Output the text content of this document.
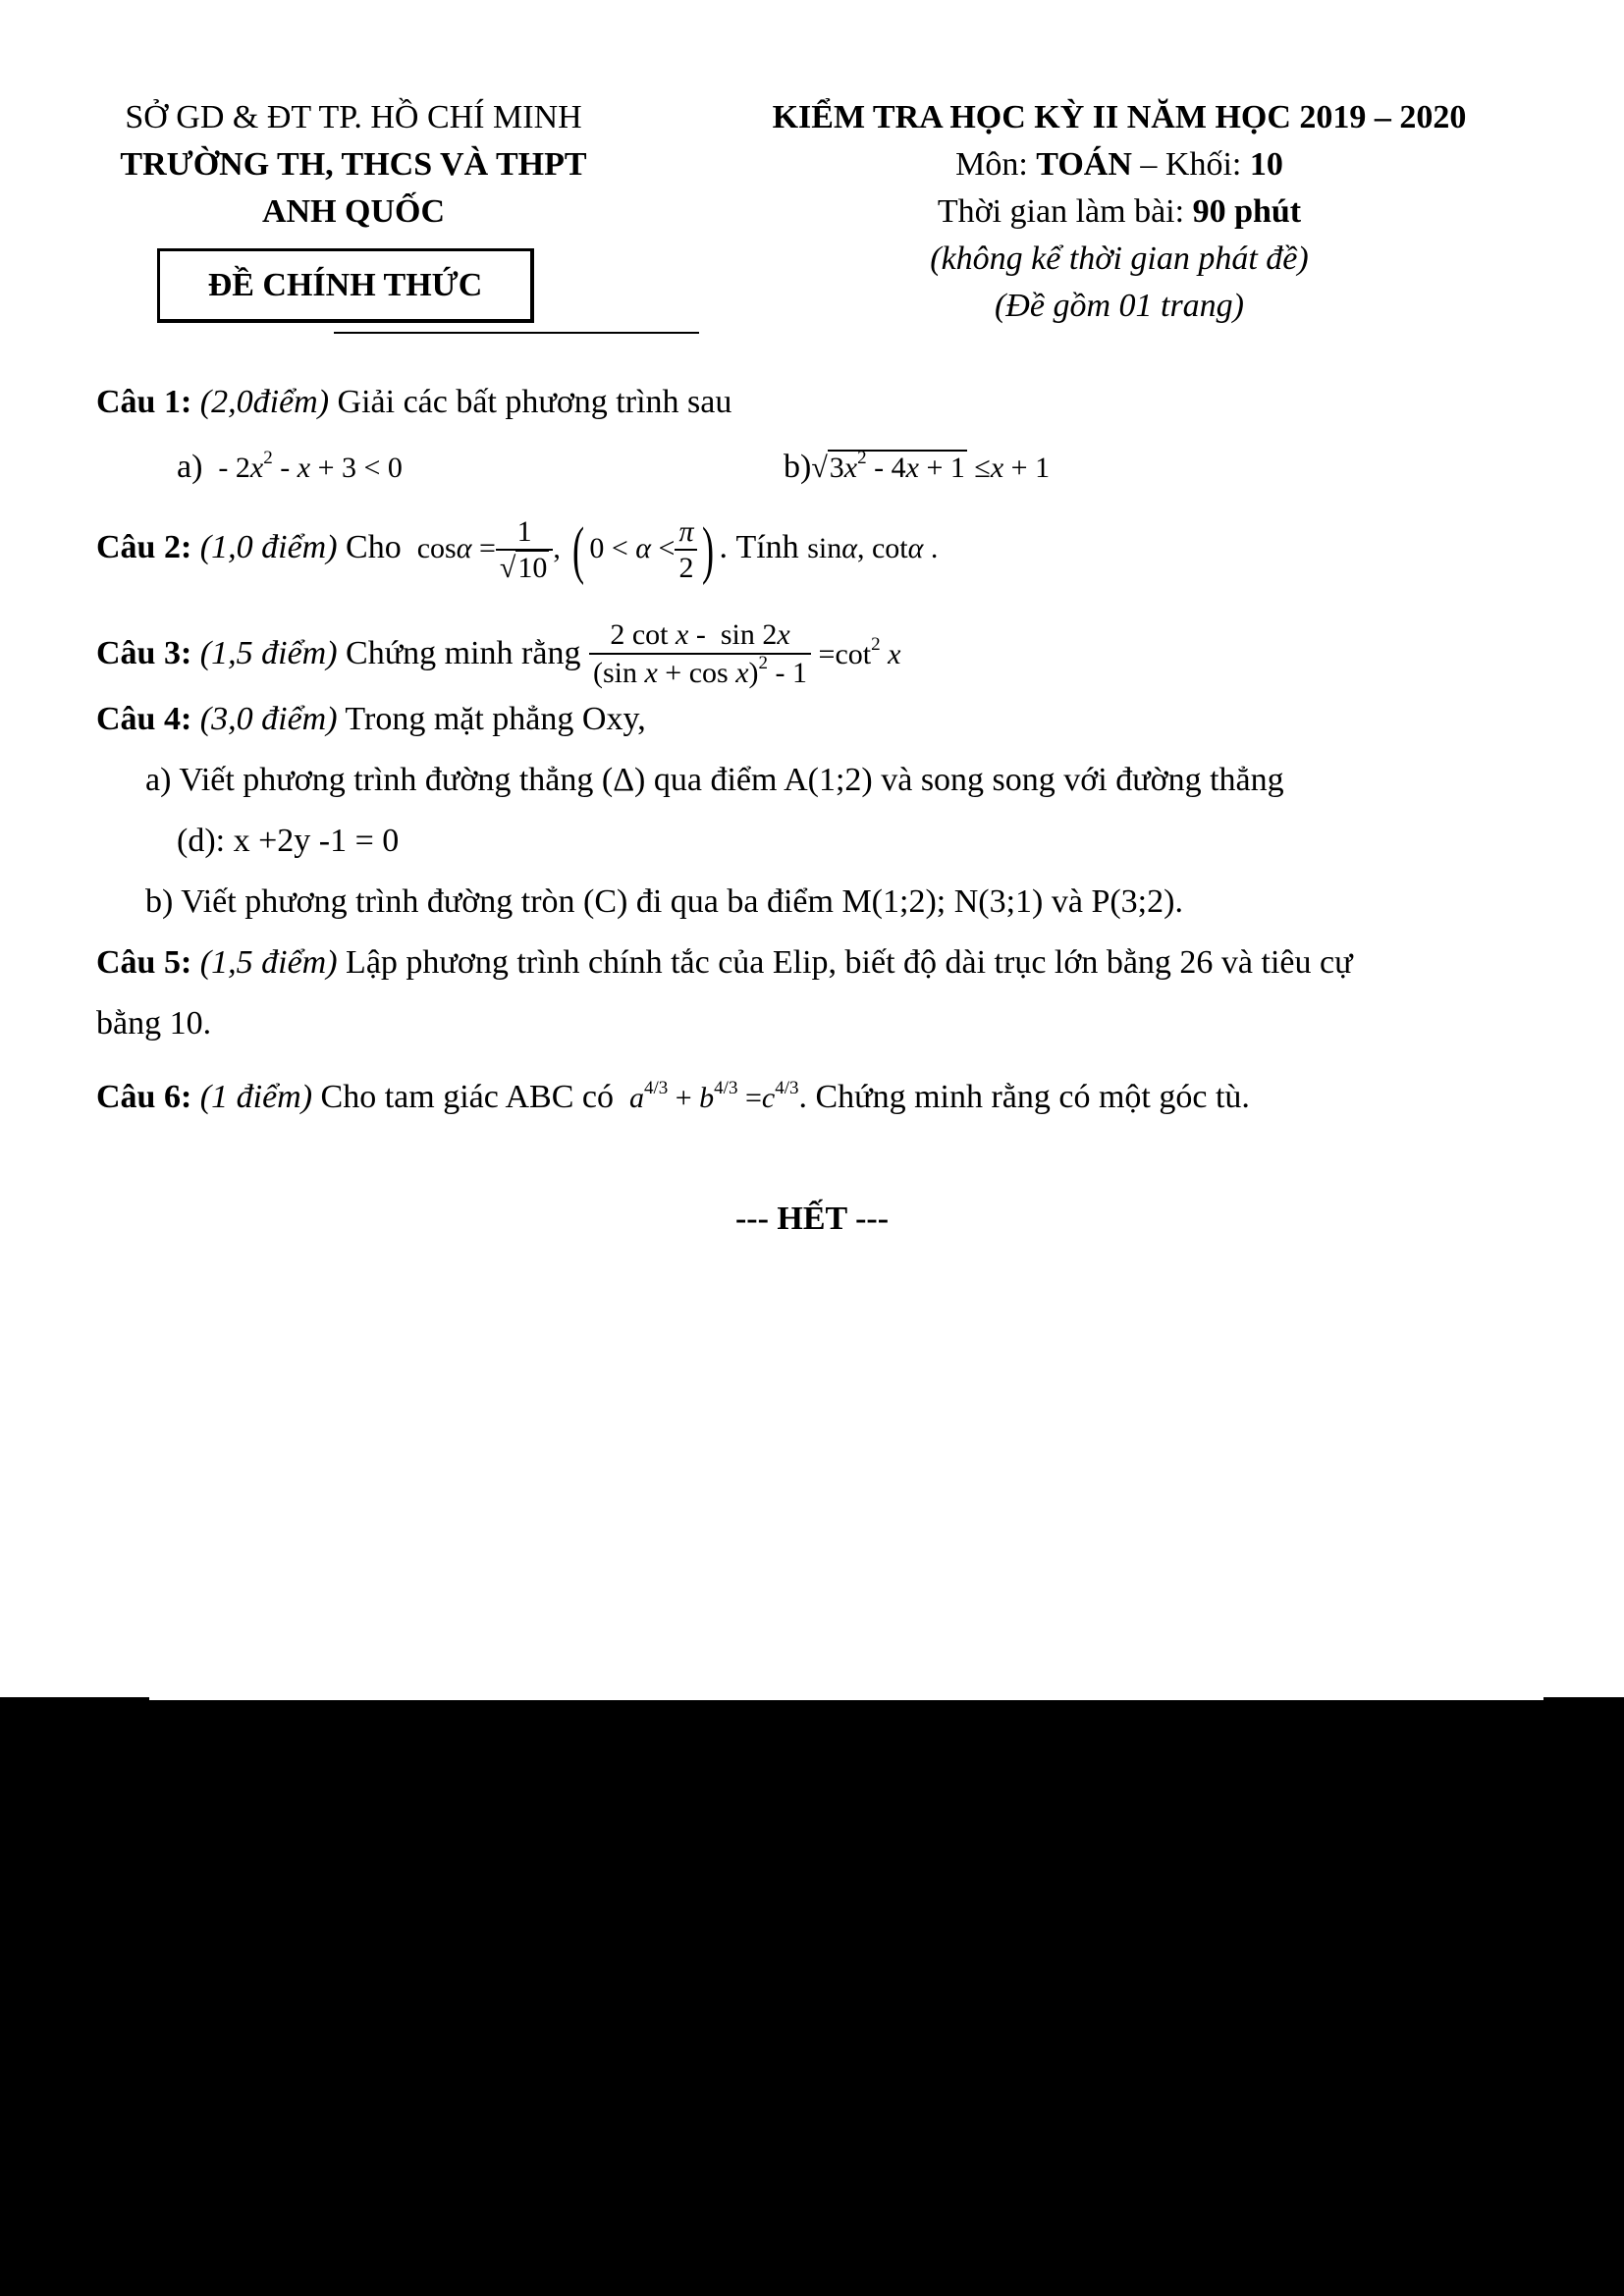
SỞ GD & ĐT TP. HỒ CHÍ MINH
TRƯỜNG TH, THCS VÀ THPT
ANH QUỐC
ĐỀ CHÍNH THỨC
KIỂM TRA HỌC KỲ II NĂM HỌC 2019 – 2020
Môn: TOÁN – Khối: 10
Thời gian làm bài: 90 phút
(không kể thời gian phát đề)
(Đề gồm 01 trang)
Câu 1: (2,0điểm) Giải các bất phương trình sau
$a) - 2x^2 - x + 3 < 0$	$b)√3x^2 - 4x + 1 \le x + 1$
Câu 2: (1,0 điểm) Cho  $\cos\alpha = \frac{1}{√10}$ , ( $0 < \alpha < \frac{\pi}{2}$ ) . Tính sinα, cotα .
Câu 3: (1,5 điểm) Chứng minh rằng $\frac{\text{2 cot x -  sin 2x}}{(\sin x + \cos x)^2 - 1} =\cot^2$ x
Câu 4: (3,0 điểm) Trong mặt phẳng Oxy,
a) Viết phương trình đường thẳng (Δ) qua điểm A(1;2) và song song với đường thẳng
(d): x +2y -1 = 0
b) Viết phương trình đường tròn (C) đi qua ba điểm M(1;2); N(3;1) và P(3;2).
Câu 5: (1,5 điểm) Lập phương trình chính tắc của Elip, biết độ dài trục lớn bằng 26 và tiêu cự
bằng 10.
Câu 6: (1 điểm) Cho tam giác ABC có $a^{4/3} + b^{4/3} =c^{4/3}$. Chứng minh rằng có một góc tù.
--- HẾT ---
